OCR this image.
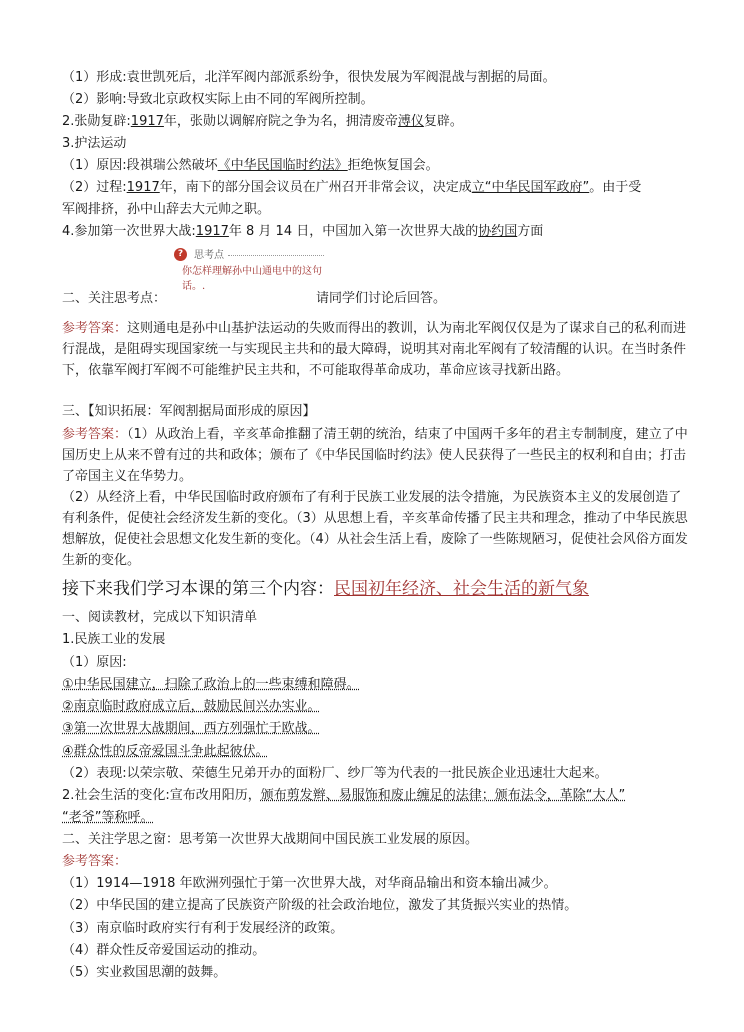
（1）形成:袁世凯死后，北洋军阀内部派系纷争，很快发展为军阀混战与割据的局面。
（2）影响:导致北京政权实际上由不同的军阀所控制。
2.张勋复辟:1917年，张勋以调解府院之争为名，拥清废帝溥仪复辟。
3.护法运动
（1）原因:段祺瑞公然破坏《中华民国临时约法》拒绝恢复国会。
（2）过程:1917年，南下的部分国会议员在广州召开非常会议，决定成立“中华民国军政府”。由于受
军阀排挤，孙中山辞去大元帅之职。
4.参加第一次世界大战:1917年 8 月 14 日，中国加入第一次世界大战的协约国方面
?	思考点
你怎样理解孙中山通电中的这句话。.
二、关注思考点：	请同学们讨论后回答。
参考答案：这则通电是孙中山基护法运动的失败而得出的教训，认为南北军阀仅仅是为了谋求自己的私利而进行混战，是阻碍实现国家统一与实现民主共和的最大障碍，说明其对南北军阀有了较清醒的认识。在当时条件下，依靠军阀打军阀不可能维护民主共和，不可能取得革命成功，革命应该寻找新出路。
三、【知识拓展：军阀割据局面形成的原因】
参考答案：（1）从政治上看，辛亥革命推翻了清王朝的统治，结束了中国两千多年的君主专制制度，建立了中国历史上从来不曾有过的共和政体；颁布了《中华民国临时约法》使人民获得了一些民主的权利和自由；打击了帝国主义在华势力。
（2）从经济上看，中华民国临时政府颁布了有利于民族工业发展的法令措施，为民族资本主义的发展创造了有利条件，促使社会经济发生新的变化。（3）从思想上看，辛亥革命传播了民主共和理念，推动了中华民族思想解放，促使社会思想文化发生新的变化。（4）从社会生活上看，废除了一些陈规陋习，促使社会风俗方面发生新的变化。
接下来我们学习本课的第三个内容：民国初年经济、社会生活的新气象
一、阅读教材，完成以下知识清单
1.民族工业的发展
（1）原因:
①中华民国建立，扫除了政治上的一些束缚和障碍。
②南京临时政府成立后，鼓励民间兴办实业。
③第一次世界大战期间，西方列强忙于欧战。
④群众性的反帝爱国斗争此起彼伏。
（2）表现:以荣宗敬、荣德生兄弟开办的面粉厂、纱厂等为代表的一批民族企业迅速壮大起来。
2.社会生活的变化:宣布改用阳历，颁布剪发辫、易服饰和废止缠足的法律；颁布法令，革除“大人”
“老爷”等称呼。
二、关注学思之窗：思考第一次世界大战期间中国民族工业发展的原因。
参考答案：
（1）1914—1918 年欧洲列强忙于第一次世界大战，对华商品输出和资本输出减少。
（2）中华民国的建立提高了民族资产阶级的社会政治地位，激发了其货振兴实业的热情。
（3）南京临时政府实行有利于发展经济的政策。
（4）群众性反帝爱国运动的推动。
（5）实业救国思潮的鼓舞。
